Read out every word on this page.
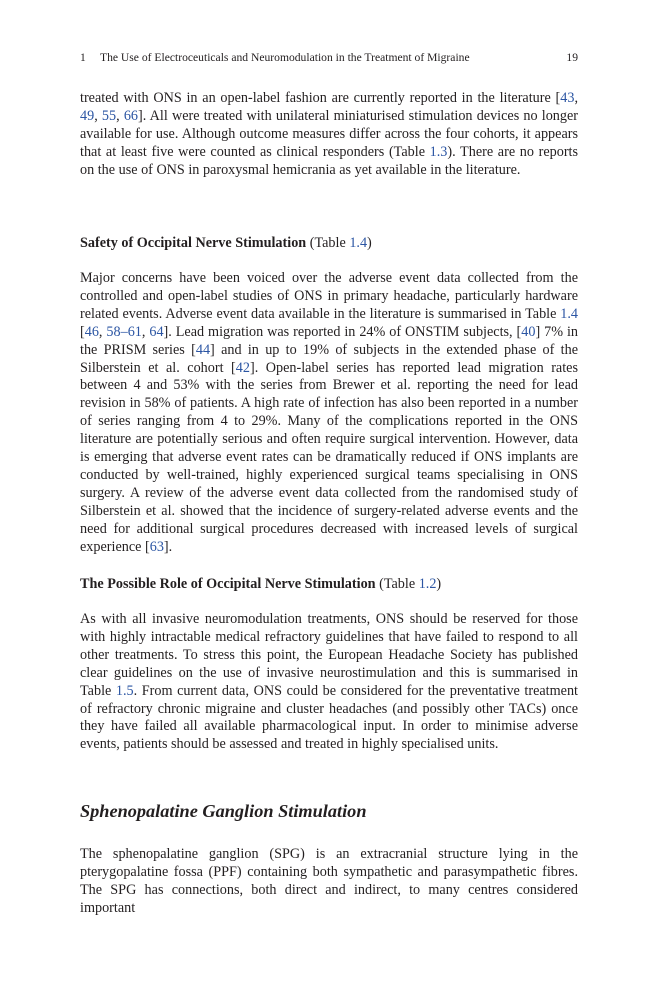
1 The Use of Electroceuticals and Neuromodulation in the Treatment of Migraine	19

treated with ONS in an open-label fashion are currently reported in the literature [43, 49, 55, 66]. All were treated with unilateral miniaturised stimulation devices no longer available for use. Although outcome measures differ across the four cohorts, it appears that at least five were counted as clinical responders (Table 1.3). There are no reports on the use of ONS in paroxysmal hemicrania as yet available in the literature.

Safety of Occipital Nerve Stimulation (Table 1.4)

Major concerns have been voiced over the adverse event data collected from the controlled and open-label studies of ONS in primary headache, particularly hardware related events. Adverse event data available in the literature is summarised in Table 1.4 [46, 58–61, 64]. Lead migration was reported in 24% of ONSTIM subjects, [40] 7% in the PRISM series [44] and in up to 19% of subjects in the extended phase of the Silberstein et al. cohort [42]. Open-label series has reported lead migration rates between 4 and 53% with the series from Brewer et al. reporting the need for lead revision in 58% of patients. A high rate of infection has also been reported in a number of series ranging from 4 to 29%. Many of the complications reported in the ONS literature are potentially serious and often require surgical intervention. However, data is emerging that adverse event rates can be dramatically reduced if ONS implants are conducted by well-trained, highly experienced surgical teams specialising in ONS surgery. A review of the adverse event data collected from the randomised study of Silberstein et al. showed that the incidence of surgery-related adverse events and the need for additional surgical procedures decreased with increased levels of surgical experience [63].

The Possible Role of Occipital Nerve Stimulation (Table 1.2)

As with all invasive neuromodulation treatments, ONS should be reserved for those with highly intractable medical refractory guidelines that have failed to respond to all other treatments. To stress this point, the European Headache Society has published clear guidelines on the use of invasive neurostimulation and this is summarised in Table 1.5. From current data, ONS could be considered for the preventative treatment of refractory chronic migraine and cluster headaches (and possibly other TACs) once they have failed all available pharmacological input. In order to minimise adverse events, patients should be assessed and treated in highly specialised units.

Sphenopalatine Ganglion Stimulation

The sphenopalatine ganglion (SPG) is an extracranial structure lying in the pterygopalatine fossa (PPF) containing both sympathetic and parasympathetic fibres. The SPG has connections, both direct and indirect, to many centres considered important
